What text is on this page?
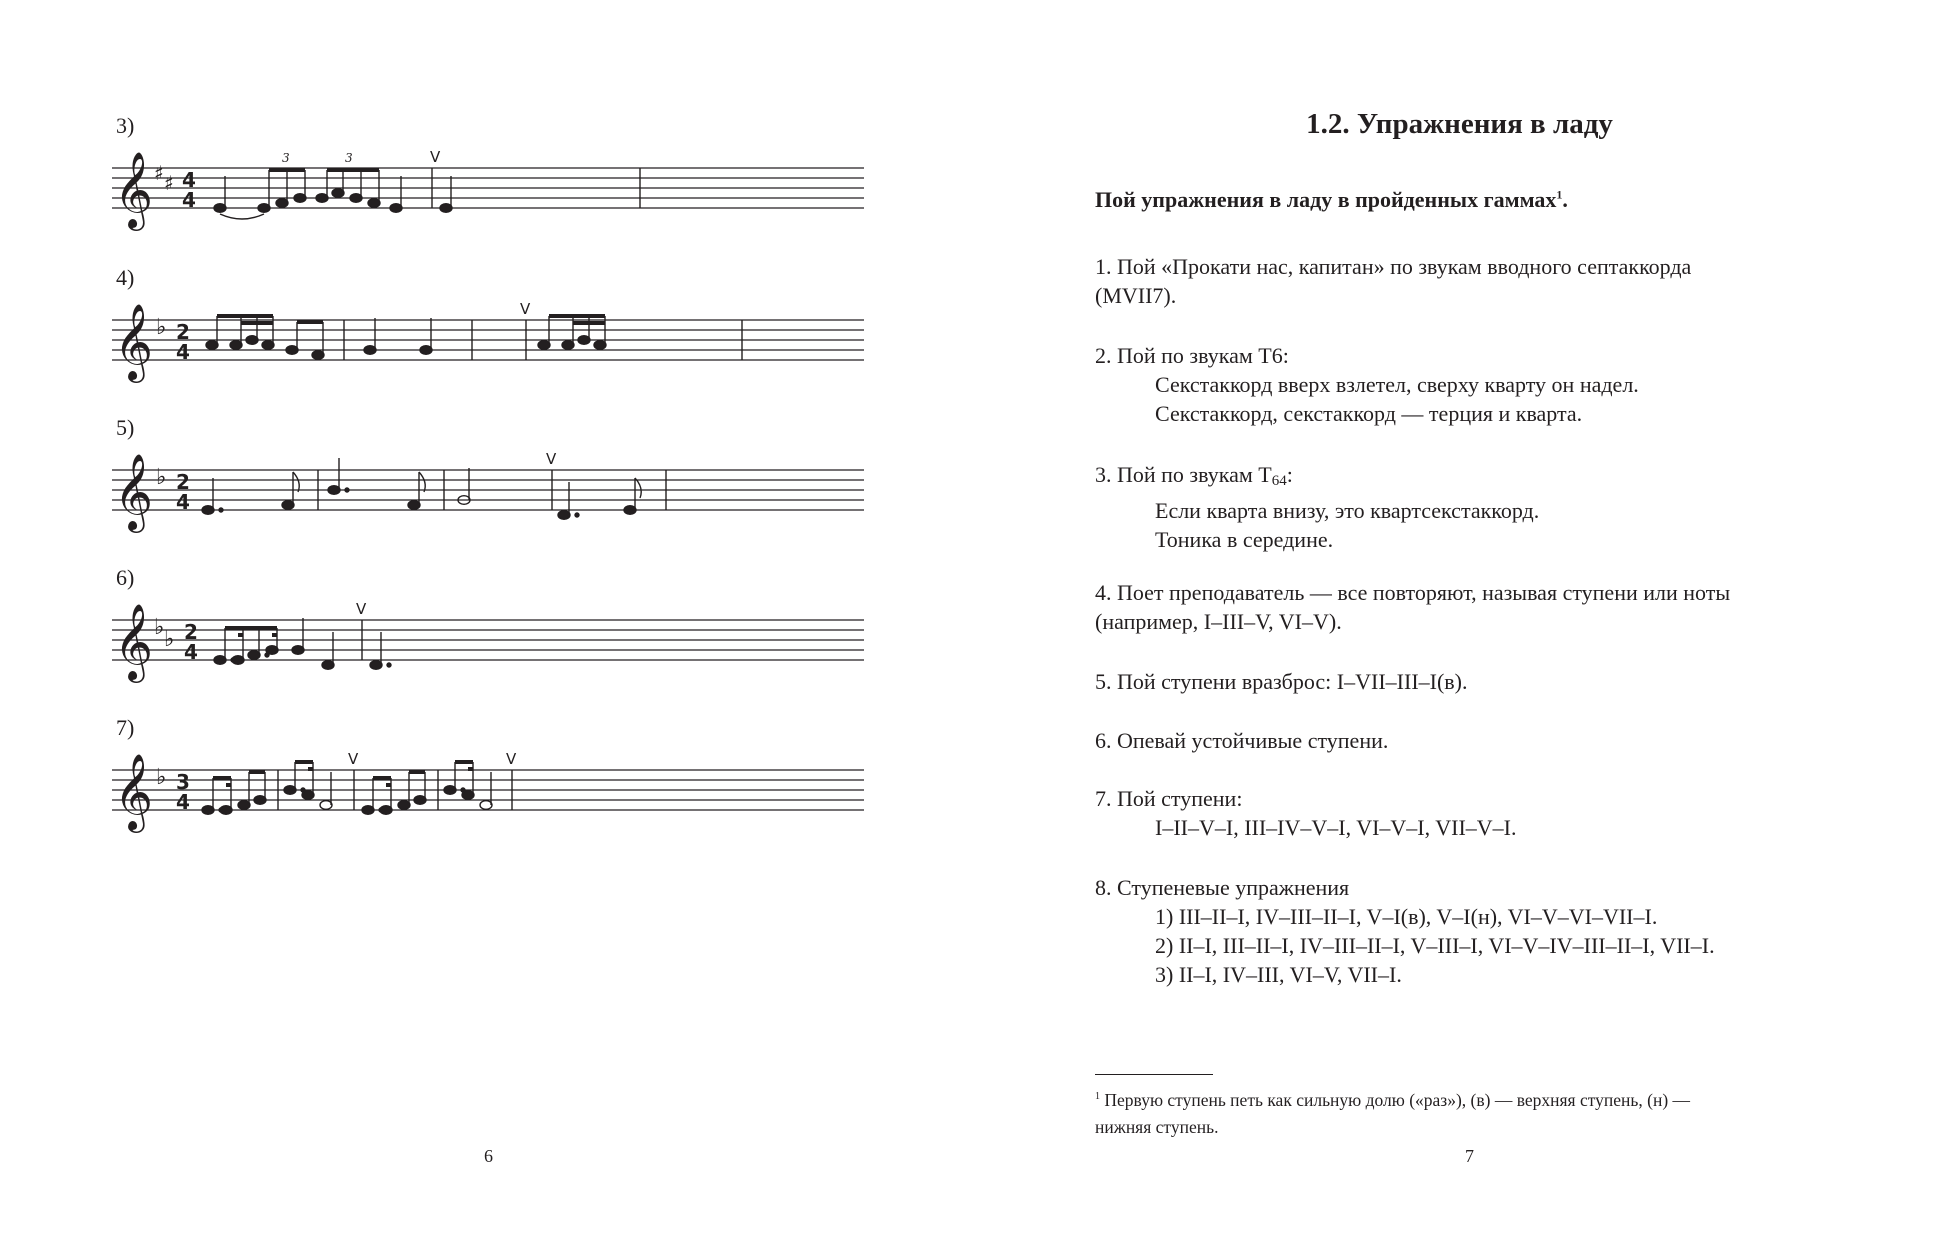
3)
𝄞 ♯ ♯ 4
4
3	3	V
4)
𝄞 ♭ 2
4
V
5)
𝄞 ♭ 2
4
V
6)
𝄞 ♭ ♭ 2
4
V
7)
𝄞 ♭ 3
4
V	V
6
1.2. Упражнения в ладу
Пой упражнения в ладу в пройденных гаммах$^1$.
1. Пой «Прокати нас, капитан» по звукам вводного септаккорда
(MVII7).
2. Пой по звукам T6:
Секстаккорд вверх взлетел, сверху кварту он надел.
Секстаккорд, секстаккорд — терция и кварта.
3. Пой по звукам $T_{64}$:
Если кварта внизу, это квартсекстаккорд.
Тоника в середине.
4. Поет преподаватель — все повторяют, называя ступени или ноты
(например, I–III–V, VI–V).
5. Пой ступени вразброс: I–VII–III–I(в).
6. Опевай устойчивые ступени.
7. Пой ступени:
I–II–V–I, III–IV–V–I, VI–V–I, VII–V–I.
8. Ступеневые упражнения
1) III–II–I, IV–III–II–I, V–I(в), V–I(н), VI–V–VI–VII–I.
2) II–I, III–II–I, IV–III–II–I, V–III–I, VI–V–IV–III–II–I, VII–I.
3) II–I, IV–III, VI–V, VII–I.
$^1$ Первую ступень петь как сильную долю («раз»), (в) — верхняя ступень, (н) —
нижняя ступень.
7
